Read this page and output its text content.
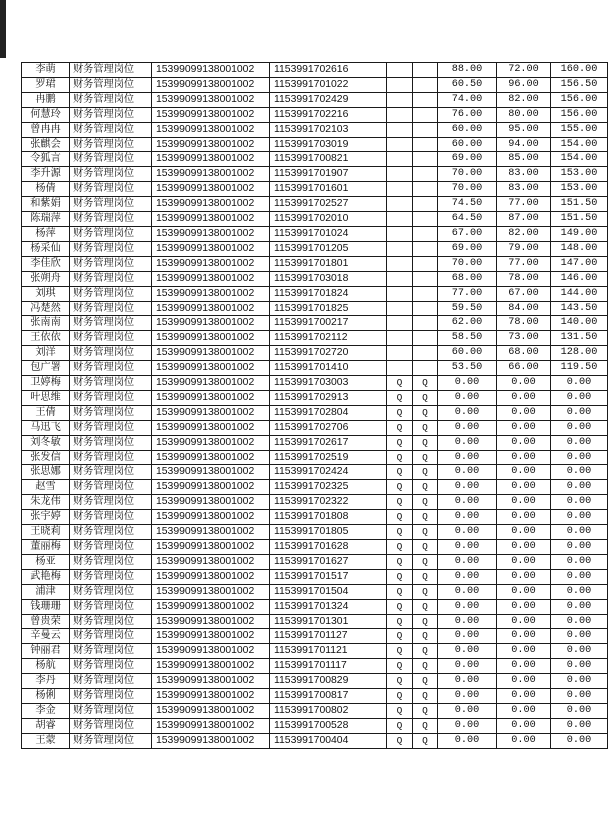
李萌	财务管理岗位	15399099138001002	1153991702616			88.00	72.00	160.00
罗珺	财务管理岗位	15399099138001002	1153991701022			60.50	96.00	156.50
冉鹏	财务管理岗位	15399099138001002	1153991702429			74.00	82.00	156.00
何慧玲	财务管理岗位	15399099138001002	1153991702216			76.00	80.00	156.00
曾冉冉	财务管理岗位	15399099138001002	1153991702103			60.00	95.00	155.00
张麒会	财务管理岗位	15399099138001002	1153991703019			60.00	94.00	154.00
令狐言	财务管理岗位	15399099138001002	1153991700821			69.00	85.00	154.00
李升源	财务管理岗位	15399099138001002	1153991701907			70.00	83.00	153.00
杨倩	财务管理岗位	15399099138001002	1153991701601			70.00	83.00	153.00
和紫娟	财务管理岗位	15399099138001002	1153991702527			74.50	77.00	151.50
陈瑞萍	财务管理岗位	15399099138001002	1153991702010			64.50	87.00	151.50
杨萍	财务管理岗位	15399099138001002	1153991701024			67.00	82.00	149.00
杨采仙	财务管理岗位	15399099138001002	1153991701205			69.00	79.00	148.00
李佳欣	财务管理岗位	15399099138001002	1153991701801			70.00	77.00	147.00
张朔舟	财务管理岗位	15399099138001002	1153991703018			68.00	78.00	146.00
刘琪	财务管理岗位	15399099138001002	1153991701824			77.00	67.00	144.00
冯楚然	财务管理岗位	15399099138001002	1153991701825			59.50	84.00	143.50
张南南	财务管理岗位	15399099138001002	1153991700217			62.00	78.00	140.00
王依依	财务管理岗位	15399099138001002	1153991702112			58.50	73.00	131.50
刘洋	财务管理岗位	15399099138001002	1153991702720			60.00	68.00	128.00
包广署	财务管理岗位	15399099138001002	1153991701410			53.50	66.00	119.50
卫婷梅	财务管理岗位	15399099138001002	1153991703003	Q	Q	0.00	0.00	0.00
叶思维	财务管理岗位	15399099138001002	1153991702913	Q	Q	0.00	0.00	0.00
王倩	财务管理岗位	15399099138001002	1153991702804	Q	Q	0.00	0.00	0.00
马迅飞	财务管理岗位	15399099138001002	1153991702706	Q	Q	0.00	0.00	0.00
刘冬敏	财务管理岗位	15399099138001002	1153991702617	Q	Q	0.00	0.00	0.00
张发信	财务管理岗位	15399099138001002	1153991702519	Q	Q	0.00	0.00	0.00
张思娜	财务管理岗位	15399099138001002	1153991702424	Q	Q	0.00	0.00	0.00
赵雪	财务管理岗位	15399099138001002	1153991702325	Q	Q	0.00	0.00	0.00
朱龙伟	财务管理岗位	15399099138001002	1153991702322	Q	Q	0.00	0.00	0.00
张宇婷	财务管理岗位	15399099138001002	1153991701808	Q	Q	0.00	0.00	0.00
王晓莉	财务管理岗位	15399099138001002	1153991701805	Q	Q	0.00	0.00	0.00
董丽梅	财务管理岗位	15399099138001002	1153991701628	Q	Q	0.00	0.00	0.00
杨亚	财务管理岗位	15399099138001002	1153991701627	Q	Q	0.00	0.00	0.00
武艳梅	财务管理岗位	15399099138001002	1153991701517	Q	Q	0.00	0.00	0.00
浦津	财务管理岗位	15399099138001002	1153991701504	Q	Q	0.00	0.00	0.00
钱珊珊	财务管理岗位	15399099138001002	1153991701324	Q	Q	0.00	0.00	0.00
曾贵荣	财务管理岗位	15399099138001002	1153991701301	Q	Q	0.00	0.00	0.00
辛曼云	财务管理岗位	15399099138001002	1153991701127	Q	Q	0.00	0.00	0.00
钟丽君	财务管理岗位	15399099138001002	1153991701121	Q	Q	0.00	0.00	0.00
杨航	财务管理岗位	15399099138001002	1153991701117	Q	Q	0.00	0.00	0.00
李丹	财务管理岗位	15399099138001002	1153991700829	Q	Q	0.00	0.00	0.00
杨俐	财务管理岗位	15399099138001002	1153991700817	Q	Q	0.00	0.00	0.00
李金	财务管理岗位	15399099138001002	1153991700802	Q	Q	0.00	0.00	0.00
胡睿	财务管理岗位	15399099138001002	1153991700528	Q	Q	0.00	0.00	0.00
王蒙	财务管理岗位	15399099138001002	1153991700404	Q	Q	0.00	0.00	0.00
